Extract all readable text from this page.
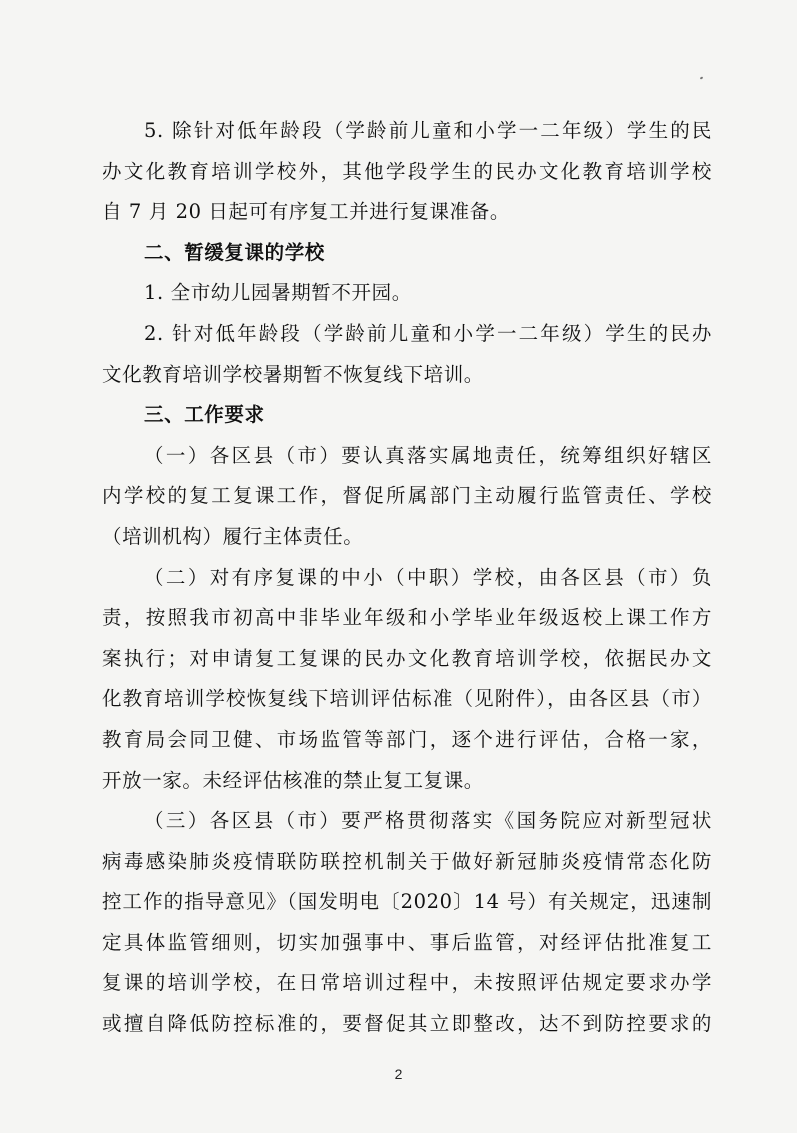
5. 除针对低年龄段（学龄前儿童和小学一二年级）学生的民
办文化教育培训学校外，其他学段学生的民办文化教育培训学校
自 7 月 20 日起可有序复工并进行复课准备。
二、暂缓复课的学校
1. 全市幼儿园暑期暂不开园。
2. 针对低年龄段（学龄前儿童和小学一二年级）学生的民办
文化教育培训学校暑期暂不恢复线下培训。
三、工作要求
（一）各区县（市）要认真落实属地责任，统筹组织好辖区
内学校的复工复课工作，督促所属部门主动履行监管责任、学校
（培训机构）履行主体责任。
（二）对有序复课的中小（中职）学校，由各区县（市）负
责，按照我市初高中非毕业年级和小学毕业年级返校上课工作方
案执行；对申请复工复课的民办文化教育培训学校，依据民办文
化教育培训学校恢复线下培训评估标准（见附件），由各区县（市）
教育局会同卫健、市场监管等部门，逐个进行评估，合格一家，
开放一家。未经评估核准的禁止复工复课。
（三）各区县（市）要严格贯彻落实《国务院应对新型冠状
病毒感染肺炎疫情联防联控机制关于做好新冠肺炎疫情常态化防
控工作的指导意见》（国发明电〔2020〕14 号）有关规定，迅速制
定具体监管细则，切实加强事中、事后监管，对经评估批准复工
复课的培训学校，在日常培训过程中，未按照评估规定要求办学
或擅自降低防控标准的，要督促其立即整改，达不到防控要求的
2
